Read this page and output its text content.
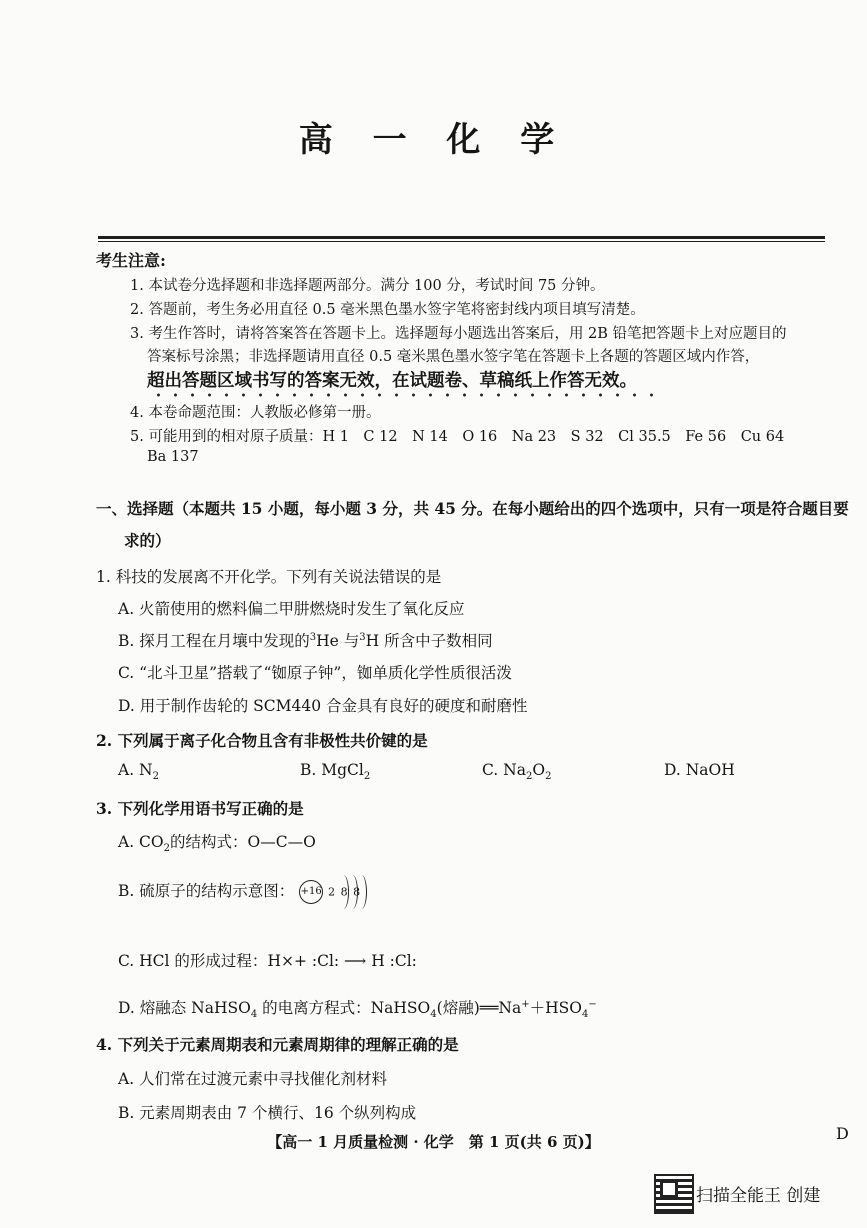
高 一 化 学
考生注意:
1. 本试卷分选择题和非选择题两部分。满分 100 分，考试时间 75 分钟。
2. 答题前，考生务必用直径 0.5 毫米黑色墨水签字笔将密封线内项目填写清楚。
3. 考生作答时，请将答案答在答题卡上。选择题每小题选出答案后，用 2B 铅笔把答题卡上对应题目的
答案标号涂黑；非选择题请用直径 0.5 毫米黑色墨水签字笔在答题卡上各题的答题区域内作答，
超出答题区域书写的答案无效，在试题卷、草稿纸上作答无效。
4. 本卷命题范围：人教版必修第一册。
5. 可能用到的相对原子质量：H 1　C 12　N 14　O 16　Na 23　S 32　Cl 35.5　Fe 56　Cu 64
Ba 137
一、选择题（本题共 15 小题，每小题 3 分，共 45 分。在每小题给出的四个选项中，只有一项是符合题目要
求的）
1. 科技的发展离不开化学。下列有关说法错误的是
A. 火箭使用的燃料偏二甲肼燃烧时发生了氧化反应
B. 探月工程在月壤中发现的$^3$He 与$^3$H 所含中子数相同
C. “北斗卫星”搭载了“铷原子钟”，铷单质化学性质很活泼
D. 用于制作齿轮的 SCM440 合金具有良好的硬度和耐磨性
2. 下列属于离子化合物且含有非极性共价键的是
A. $N_2$	B. MgCl$_2$	C. $Na_2O_2$	D. NaOH
3. 下列化学用语书写正确的是
A. $CO_2$的结构式：O—C—O
B. 硫原子的结构示意图： +16 2 8 8
C. HCl 的形成过程：H×+ :Cl: ⟶ H :Cl:
D. 熔融态 NaHSO$_4$ 的电离方程式：NaHSO$_4$(熔融)$══Na^++HSO_4^-$
4. 下列关于元素周期表和元素周期律的理解正确的是
A. 人们常在过渡元素中寻找催化剂材料
B. 元素周期表由 7 个横行、16 个纵列构成
【高一 1 月质量检测 · 化学　第 1 页(共 6 页)】	D
扫描全能王 创建
